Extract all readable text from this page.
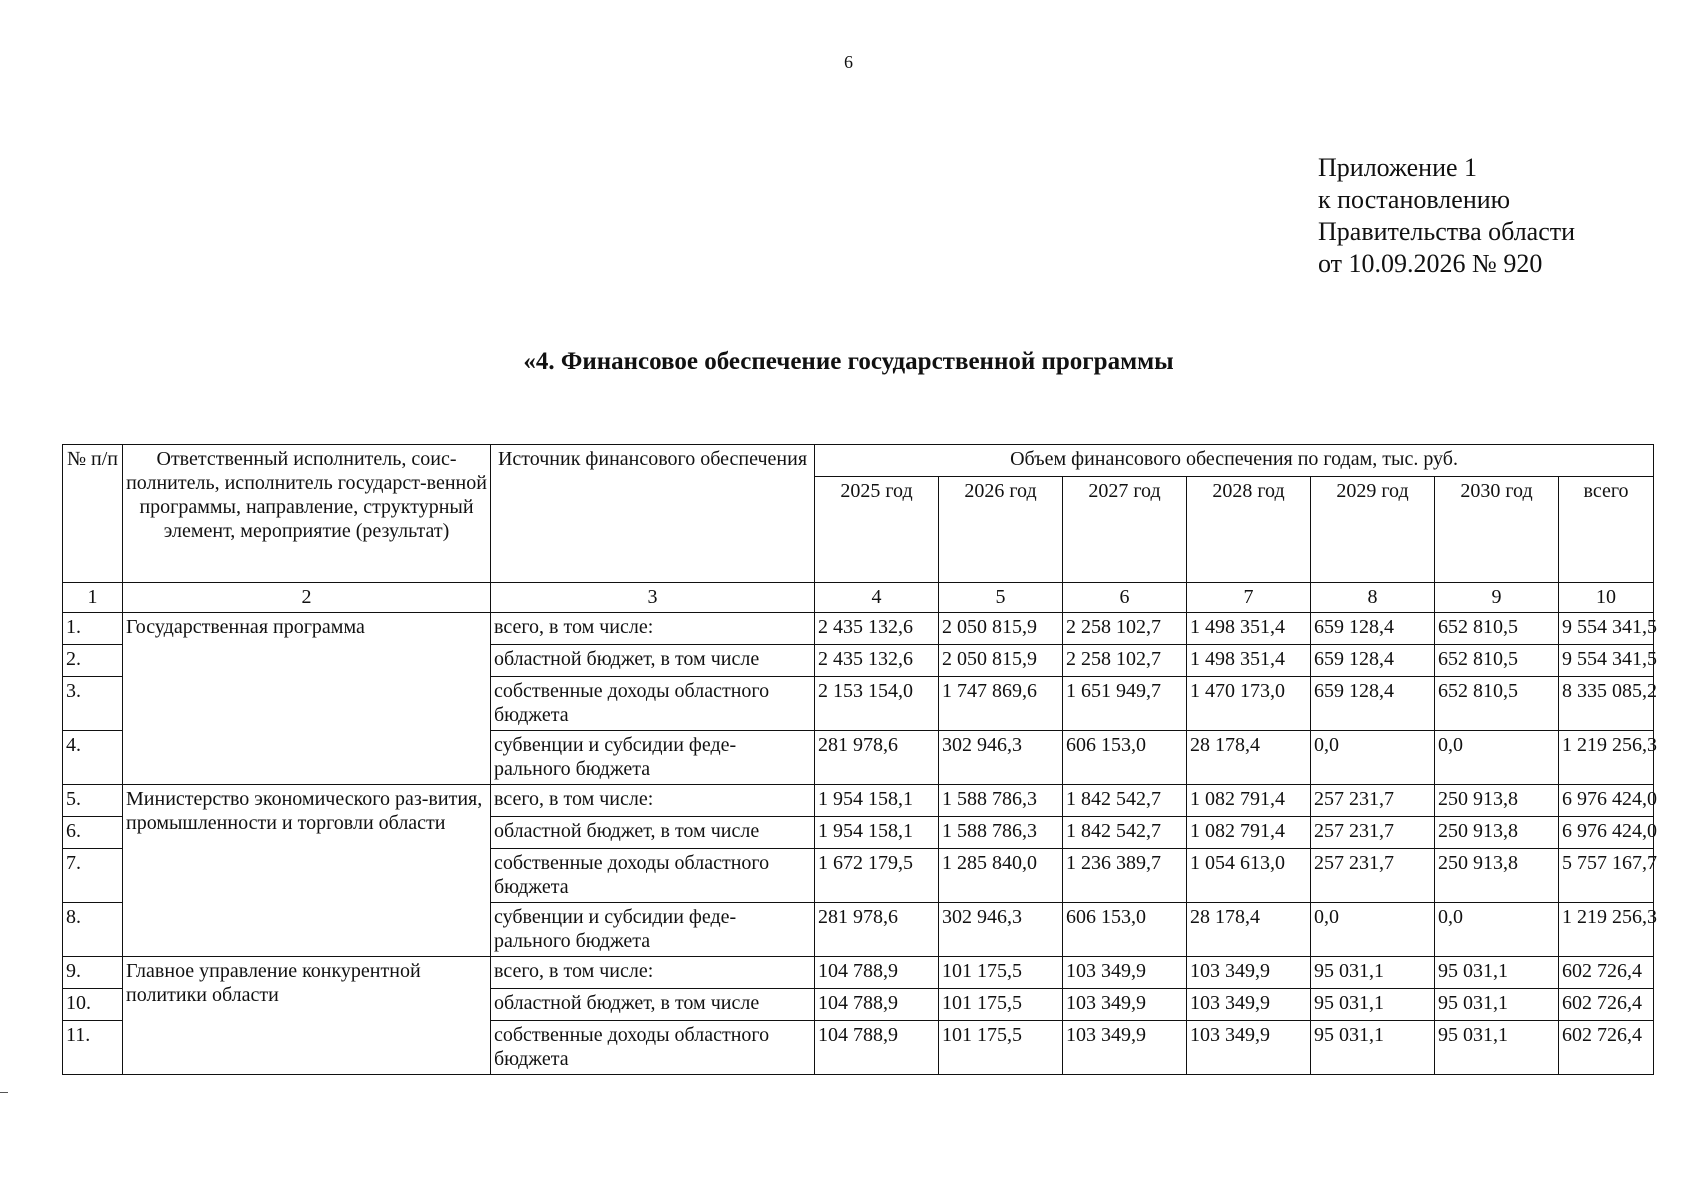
6
Приложение 1
к постановлению
Правительства области
от 10.09.2026 № 920
«4. Финансовое обеспечение государственной программы
№ п/п	Ответственный исполнитель, соис-полнитель, исполнитель государст-венной программы, направление, структурный элемент, мероприятие (результат)	Источник финансового обеспечения	Объем финансового обеспечения по годам, тыс. руб.						
			2025 год	2026 год	2027 год	2028 год	2029 год	2030 год	всего
1	2	3	4	5	6	7	8	9	10
1.	Государственная программа	всего, в том числе:	2 435 132,6	2 050 815,9	2 258 102,7	1 498 351,4	659 128,4	652 810,5	9 554 341,5
2.		областной бюджет, в том числе	2 435 132,6	2 050 815,9	2 258 102,7	1 498 351,4	659 128,4	652 810,5	9 554 341,5
3.		собственные доходы областного бюджета	2 153 154,0	1 747 869,6	1 651 949,7	1 470 173,0	659 128,4	652 810,5	8 335 085,2
4.		субвенции и субсидии феде-рального бюджета	281 978,6	302 946,3	606 153,0	28 178,4	0,0	0,0	1 219 256,3
5.	Министерство экономического раз-вития, промышленности и торговли области	всего, в том числе:	1 954 158,1	1 588 786,3	1 842 542,7	1 082 791,4	257 231,7	250 913,8	6 976 424,0
6.		областной бюджет, в том числе	1 954 158,1	1 588 786,3	1 842 542,7	1 082 791,4	257 231,7	250 913,8	6 976 424,0
7.		собственные доходы областного бюджета	1 672 179,5	1 285 840,0	1 236 389,7	1 054 613,0	257 231,7	250 913,8	5 757 167,7
8.		субвенции и субсидии феде-рального бюджета	281 978,6	302 946,3	606 153,0	28 178,4	0,0	0,0	1 219 256,3
9.	Главное управление конкурентной политики области	всего, в том числе:	104 788,9	101 175,5	103 349,9	103 349,9	95 031,1	95 031,1	602 726,4
10.		областной бюджет, в том числе	104 788,9	101 175,5	103 349,9	103 349,9	95 031,1	95 031,1	602 726,4
11.		собственные доходы областного бюджета	104 788,9	101 175,5	103 349,9	103 349,9	95 031,1	95 031,1	602 726,4
